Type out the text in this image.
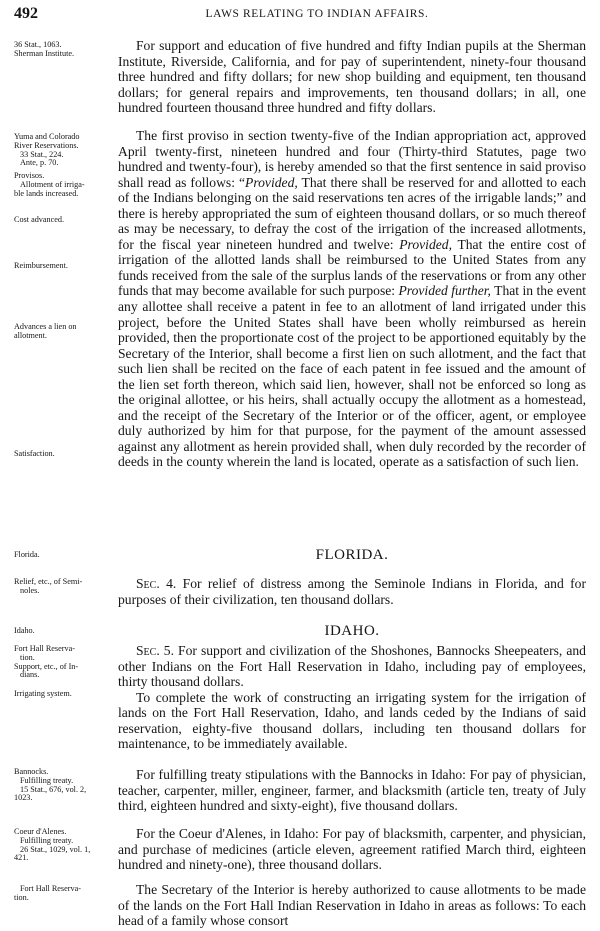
492	LAWS RELATING TO INDIAN AFFAIRS.
36 Stat., 1063.
Sherman Institute.

For support and education of five hundred and fifty Indian pupils at the Sherman Institute, Riverside, California, and for pay of superintendent, ninety-four thousand three hundred and fifty dollars; for new shop building and equipment, ten thousand dollars; for general repairs and improvements, ten thousand dollars; in all, one hundred fourteen thousand three hundred and fifty dollars.

Yuma and Colorado
River Reservations.
33 Stat., 224.
Ante, p. 70.
Provisos.
Allotment of irriga-
ble lands increased.
Cost advanced.
Reimbursement.
Advances a lien on
allotment.
Satisfaction.

The first proviso in section twenty-five of the Indian appropriation act, approved April twenty-first, nineteen hundred and four (Thirty-third Statutes, page two hundred and twenty-four), is hereby amended so that the first sentence in said proviso shall read as follows: “Provided, That there shall be reserved for and allotted to each of the Indians belonging on the said reservations ten acres of the irrigable lands;” and there is hereby appropriated the sum of eighteen thousand dollars, or so much thereof as may be necessary, to defray the cost of the irrigation of the increased allotments, for the fiscal year nineteen hundred and twelve: Provided, That the entire cost of irrigation of the allotted lands shall be reimbursed to the United States from any funds received from the sale of the surplus lands of the reservations or from any other funds that may become available for such purpose: Provided further, That in the event any allottee shall receive a patent in fee to an allotment of land irrigated under this project, before the United States shall have been wholly reimbursed as herein provided, then the proportionate cost of the project to be apportioned equitably by the Secretary of the Interior, shall become a first lien on such allotment, and the fact that such lien shall be recited on the face of each patent in fee issued and the amount of the lien set forth thereon, which said lien, however, shall not be enforced so long as the original allottee, or his heirs, shall actually occupy the allotment as a homestead, and the receipt of the Secretary of the Interior or of the officer, agent, or employee duly authorized by him for that purpose, for the payment of the amount assessed against any allotment as herein provided shall, when duly recorded by the recorder of deeds in the county wherein the land is located, operate as a satisfaction of such lien.

Florida.	FLORIDA.
Relief, etc., of Semi-
noles.	Sec. 4. For relief of distress among the Seminole Indians in Florida, and for purposes of their civilization, ten thousand dollars.

Idaho.	IDAHO.
Fort Hall Reserva-
tion.
Support, etc., of In-
dians.
Irrigating system.

Sec. 5. For support and civilization of the Shoshones, Bannocks Sheepeaters, and other Indians on the Fort Hall Reservation in Idaho, including pay of employees, thirty thousand dollars.

To complete the work of constructing an irrigating system for the irrigation of lands on the Fort Hall Reservation, Idaho, and lands ceded by the Indians of said reservation, eighty-five thousand dollars, including ten thousand dollars for maintenance, to be immediately available.

Bannocks.
Fulfilling treaty.
15 Stat., 676, vol. 2,
1023.

For fulfilling treaty stipulations with the Bannocks in Idaho: For pay of physician, teacher, carpenter, miller, engineer, farmer, and blacksmith (article ten, treaty of July third, eighteen hundred and sixty-eight), five thousand dollars.

Coeur d'Alenes.
Fulfilling treaty.
26 Stat., 1029, vol. 1,
421.

For the Coeur d'Alenes, in Idaho: For pay of blacksmith, carpenter, and physician, and purchase of medicines (article eleven, agreement ratified March third, eighteen hundred and ninety-one), three thousand dollars.

Fort Hall Reserva-
tion.

The Secretary of the Interior is hereby authorized to cause allotments to be made of the lands on the Fort Hall Indian Reservation in Idaho in areas as follows: To each head of a family whose consort
